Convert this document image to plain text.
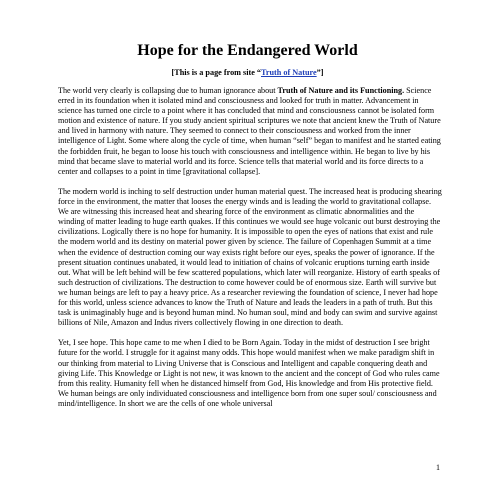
Hope for the Endangered World
[This is a page from site “Truth of Nature”]

The world very clearly is collapsing due to human ignorance about Truth of Nature and its Functioning. Science erred in its foundation when it isolated mind and consciousness and looked for truth in matter. Advancement in science has turned one circle to a point where it has concluded that mind and consciousness cannot be isolated form motion and existence of nature. If you study ancient spiritual scriptures we note that ancient knew the Truth of Nature and lived in harmony with nature. They seemed to connect to their consciousness and worked from the inner intelligence of Light. Some where along the cycle of time, when human “self” began to manifest and he started eating the forbidden fruit, he began to loose his touch with consciousness and intelligence within. He began to live by his mind that became slave to material world and its force. Science tells that material world and its force directs to a center and collapses to a point in time [gravitational collapse].

The modern world is inching to self destruction under human material quest. The increased heat is producing shearing force in the environment, the matter that looses the energy winds and is leading the world to gravitational collapse. We are witnessing this increased heat and shearing force of the environment as climatic abnormalities and the winding of matter leading to huge earth quakes. If this continues we would see huge volcanic out burst destroying the civilizations. Logically there is no hope for humanity. It is impossible to open the eyes of nations that exist and rule the modern world and its destiny on material power given by science. The failure of Copenhagen Summit at a time when the evidence of destruction coming our way exists right before our eyes, speaks the power of ignorance. If the present situation continues unabated, it would lead to initiation of chains of volcanic eruptions turning earth inside out. What will be left behind will be few scattered populations, which later will reorganize. History of earth speaks of such destruction of civilizations. The destruction to come however could be of enormous size. Earth will survive but we human beings are left to pay a heavy price. As a researcher reviewing the foundation of science, I never had hope for this world, unless science advances to know the Truth of Nature and leads the leaders in a path of truth. But this task is unimaginably huge and is beyond human mind. No human soul, mind and body can swim and survive against billions of Nile, Amazon and Indus rivers collectively flowing in one direction to death.

Yet, I see hope. This hope came to me when I died to be Born Again. Today in the midst of destruction I see bright future for the world. I struggle for it against many odds. This hope would manifest when we make paradigm shift in our thinking from material to Living Universe that is Conscious and Intelligent and capable conquering death and giving Life. This Knowledge or Light is not new, it was known to the ancient and the concept of God who rules came from this reality. Humanity fell when he distanced himself from God, His knowledge and from His protective field. We human beings are only individuated consciousness and intelligence born from one super soul/ consciousness and mind/intelligence. In short we are the cells of one whole universal

1
